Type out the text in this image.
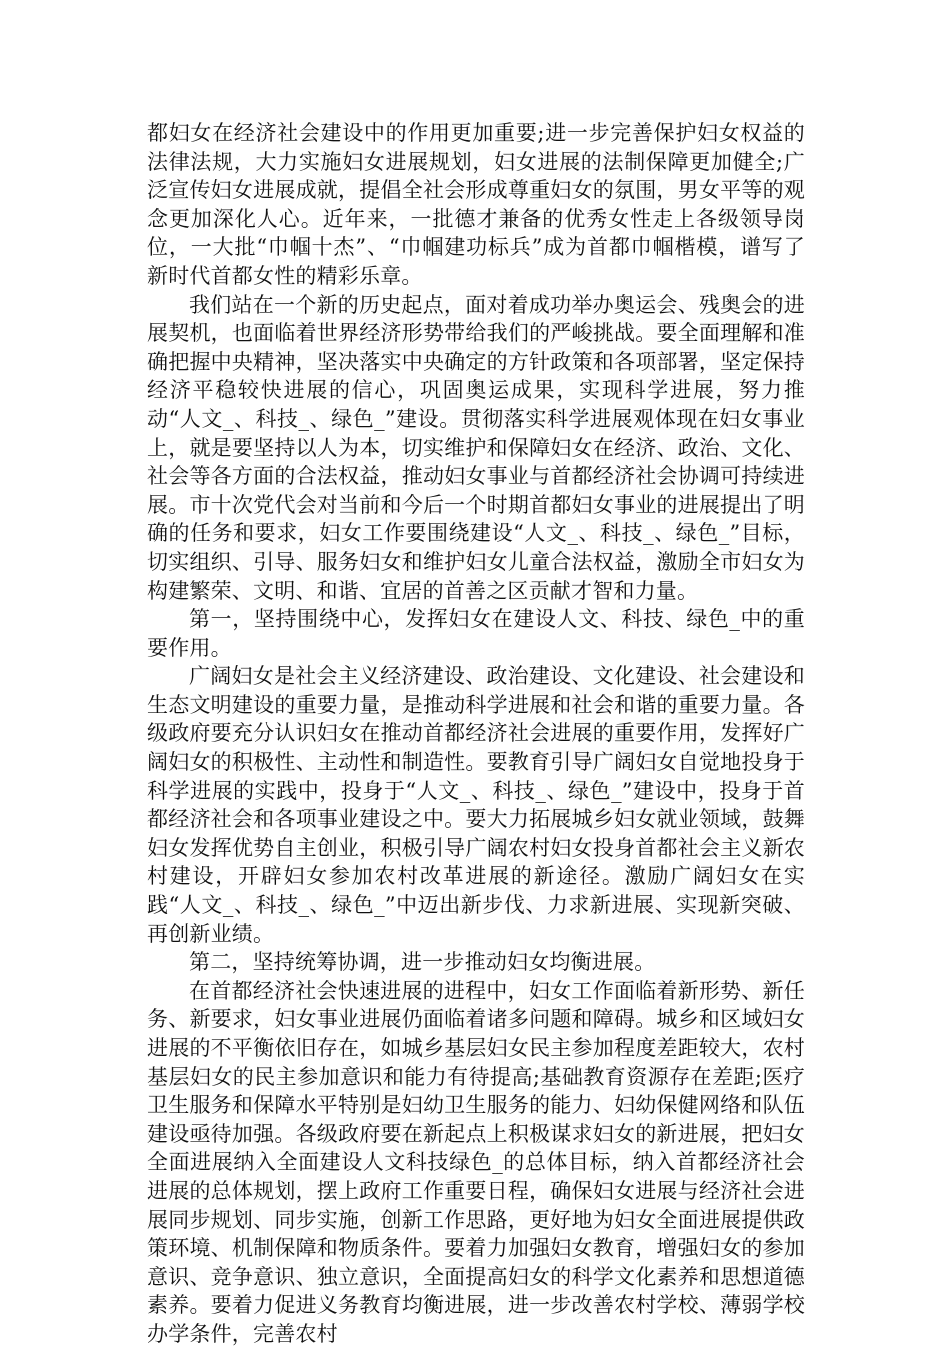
都妇女在经济社会建设中的作用更加重要;进一步完善保护妇女权益的法律法规，大力实施妇女进展规划，妇女进展的法制保障更加健全;广泛宣传妇女进展成就，提倡全社会形成尊重妇女的氛围，男女平等的观念更加深化人心。近年来，一批德才兼备的优秀女性走上各级领导岗位，一大批“巾帼十杰”、“巾帼建功标兵”成为首都巾帼楷模，谱写了新时代首都女性的精彩乐章。

我们站在一个新的历史起点，面对着成功举办奥运会、残奥会的进展契机，也面临着世界经济形势带给我们的严峻挑战。要全面理解和准确把握中央精神，坚决落实中央确定的方针政策和各项部署，坚定保持经济平稳较快进展的信心，巩固奥运成果，实现科学进展，努力推动“人文_、科技_、绿色_”建设。贯彻落实科学进展观体现在妇女事业上，就是要坚持以人为本，切实维护和保障妇女在经济、政治、文化、社会等各方面的合法权益，推动妇女事业与首都经济社会协调可持续进展。市十次党代会对当前和今后一个时期首都妇女事业的进展提出了明确的任务和要求，妇女工作要围绕建设“人文_、科技_、绿色_”目标，切实组织、引导、服务妇女和维护妇女儿童合法权益，激励全市妇女为构建繁荣、文明、和谐、宜居的首善之区贡献才智和力量。

第一，坚持围绕中心，发挥妇女在建设人文、科技、绿色_中的重要作用。

广阔妇女是社会主义经济建设、政治建设、文化建设、社会建设和生态文明建设的重要力量，是推动科学进展和社会和谐的重要力量。各级政府要充分认识妇女在推动首都经济社会进展的重要作用，发挥好广阔妇女的积极性、主动性和制造性。要教育引导广阔妇女自觉地投身于科学进展的实践中，投身于“人文_、科技_、绿色_”建设中，投身于首都经济社会和各项事业建设之中。要大力拓展城乡妇女就业领域，鼓舞妇女发挥优势自主创业，积极引导广阔农村妇女投身首都社会主义新农村建设，开辟妇女参加农村改革进展的新途径。激励广阔妇女在实践“人文_、科技_、绿色_”中迈出新步伐、力求新进展、实现新突破、再创新业绩。

第二，坚持统筹协调，进一步推动妇女均衡进展。

在首都经济社会快速进展的进程中，妇女工作面临着新形势、新任务、新要求，妇女事业进展仍面临着诸多问题和障碍。城乡和区域妇女进展的不平衡依旧存在，如城乡基层妇女民主参加程度差距较大，农村基层妇女的民主参加意识和能力有待提高;基础教育资源存在差距;医疗卫生服务和保障水平特别是妇幼卫生服务的能力、妇幼保健网络和队伍建设亟待加强。各级政府要在新起点上积极谋求妇女的新进展，把妇女全面进展纳入全面建设人文科技绿色_的总体目标，纳入首都经济社会进展的总体规划，摆上政府工作重要日程，确保妇女进展与经济社会进展同步规划、同步实施，创新工作思路，更好地为妇女全面进展提供政策环境、机制保障和物质条件。要着力加强妇女教育，增强妇女的参加意识、竞争意识、独立意识，全面提高妇女的科学文化素养和思想道德素养。要着力促进义务教育均衡进展，进一步改善农村学校、薄弱学校办学条件，完善农村
